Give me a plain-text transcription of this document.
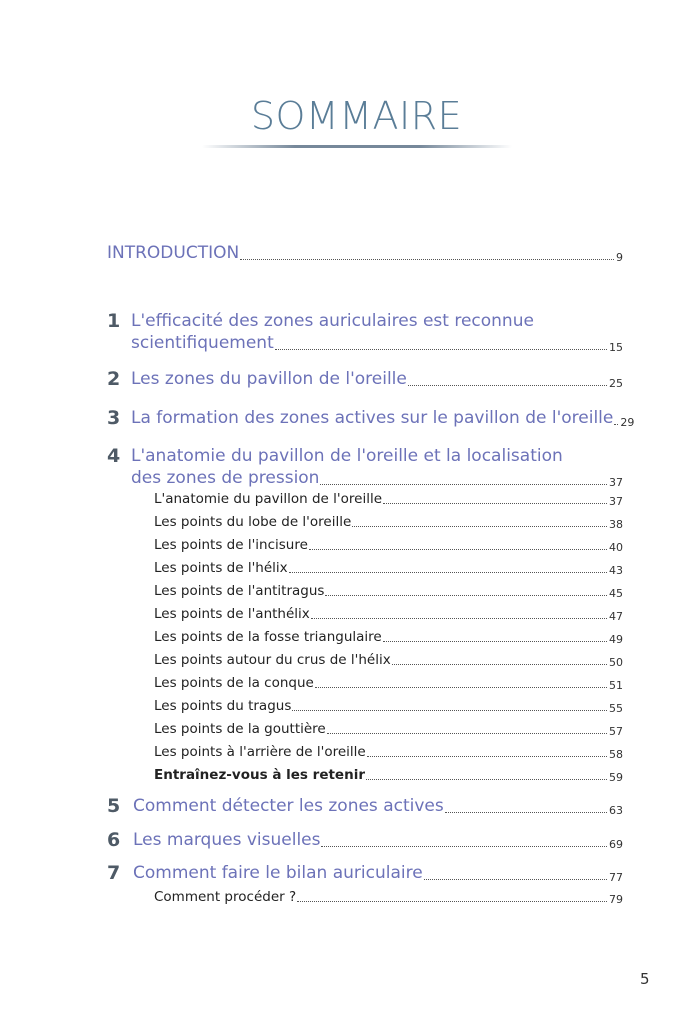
SOMMAIRE
INTRODUCTION	9
1 L'efficacité des zones auriculaires est reconnue
scientifiquement	15
2 Les zones du pavillon de l'oreille	25
3 La formation des zones actives sur le pavillon de l'oreille 29
4 L'anatomie du pavillon de l'oreille et la localisation
des zones de pression	37
L'anatomie du pavillon de l'oreille	37
Les points du lobe de l'oreille	38
Les points de l'incisure	40
Les points de l'hélix	43
Les points de l'antitragus	45
Les points de l'anthélix	47
Les points de la fosse triangulaire	49
Les points autour du crus de l'hélix	50
Les points de la conque	51
Les points du tragus	55
Les points de la gouttière	57
Les points à l'arrière de l'oreille	58
Entraînez-vous à les retenir	59
5 Comment détecter les zones actives	63
6 Les marques visuelles	69
7 Comment faire le bilan auriculaire	77
Comment procéder ?	79
5
